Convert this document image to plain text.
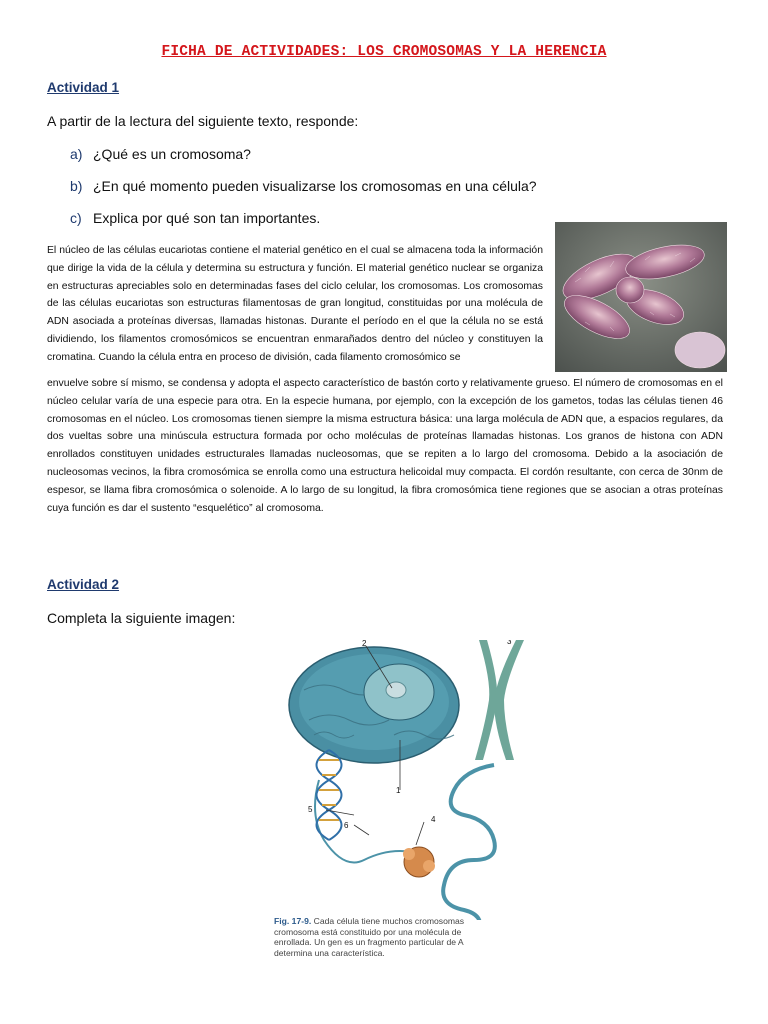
FICHA DE ACTIVIDADES: LOS CROMOSOMAS Y LA HERENCIA
Actividad 1
A partir de la lectura del siguiente texto, responde:
a) ¿Qué es un cromosoma?
b) ¿En qué momento pueden visualizarse los cromosomas en una célula?
c) Explica por qué son tan importantes.
El núcleo de las células eucariotas contiene el material genético en el cual se almacena toda la información que dirige la vida de la célula y determina su estructura y función. El material genético nuclear se organiza en estructuras apreciables solo en determinadas fases del ciclo celular, los cromosomas. Los cromosomas de las células eucariotas son estructuras filamentosas de gran longitud, constituidas por una molécula de ADN asociada a proteínas diversas, llamadas histonas. Durante el período en el que la célula no se está dividiendo, los filamentos cromosómicos se encuentran enmarañados dentro del núcleo y constituyen la cromatina. Cuando la célula entra en proceso de división, cada filamento cromosómico se
envuelve sobre sí mismo, se condensa y adopta el aspecto característico de bastón corto y relativamente grueso. El número de cromosomas en el núcleo celular varía de una especie para otra. En la especie humana, por ejemplo, con la excepción de los gametos, todas las células tienen 46 cromosomas en el núcleo. Los cromosomas tienen siempre la misma estructura básica: una larga molécula de ADN que, a espacios regulares, da dos vueltas sobre una minúscula estructura formada por ocho moléculas de proteínas llamadas histonas. Los granos de histona con ADN enrollados constituyen unidades estructurales llamadas nucleosomas, que se repiten a lo largo del cromosoma. Debido a la asociación de nucleosomas vecinos, la fibra cromosómica se enrolla como una estructura helicoidal muy compacta. El cordón resultante, con cerca de 30nm de espesor, se llama fibra cromosómica o solenoide. A lo largo de su longitud, la fibra cromosómica tiene regiones que se asocian a otras proteínas cuya función es dar el sustento “esquelético” al cromosoma.
Actividad 2
Completa la siguiente imagen:
2	3
1
4
5
6
Fig. 17-9. Cada célula tiene muchos cromosomas
cromosoma está constituido por una molécula de
enrollada. Un gen es un fragmento particular de A
determina una característica.
